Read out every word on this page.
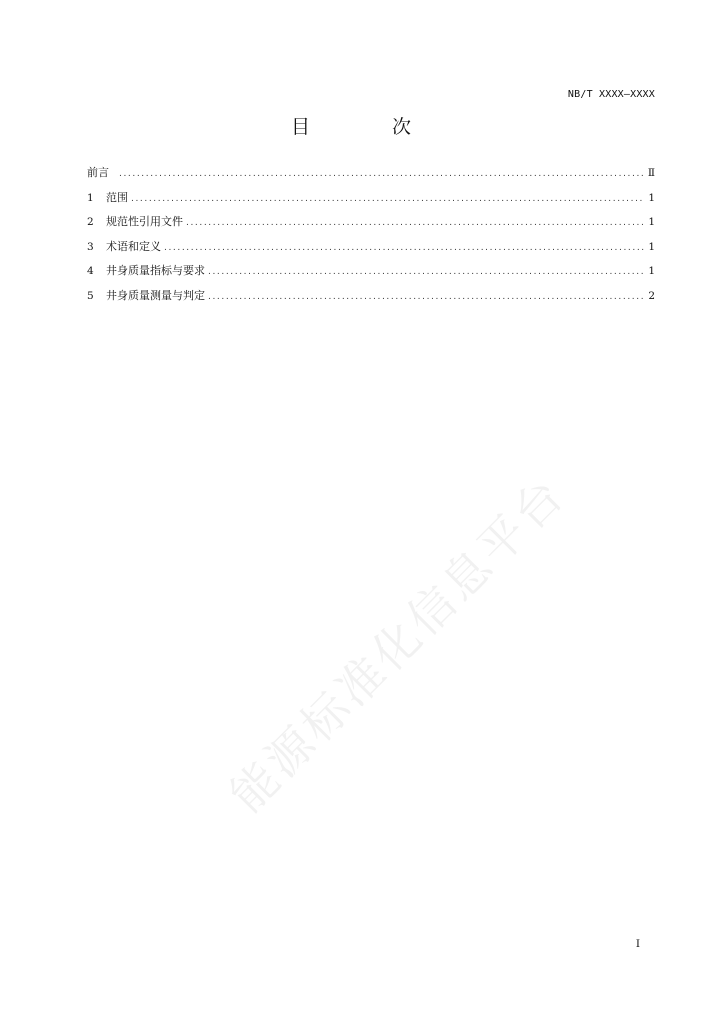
NB/T XXXX—XXXX
目 次
前言 .....	Ⅱ
1	范围 .....	1
2	规范性引用文件 .....	1
3	术语和定义 .....	1
4	井身质量指标与要求 .....	1
5	井身质量测量与判定 .....	2
能源标准化信息平台
I
